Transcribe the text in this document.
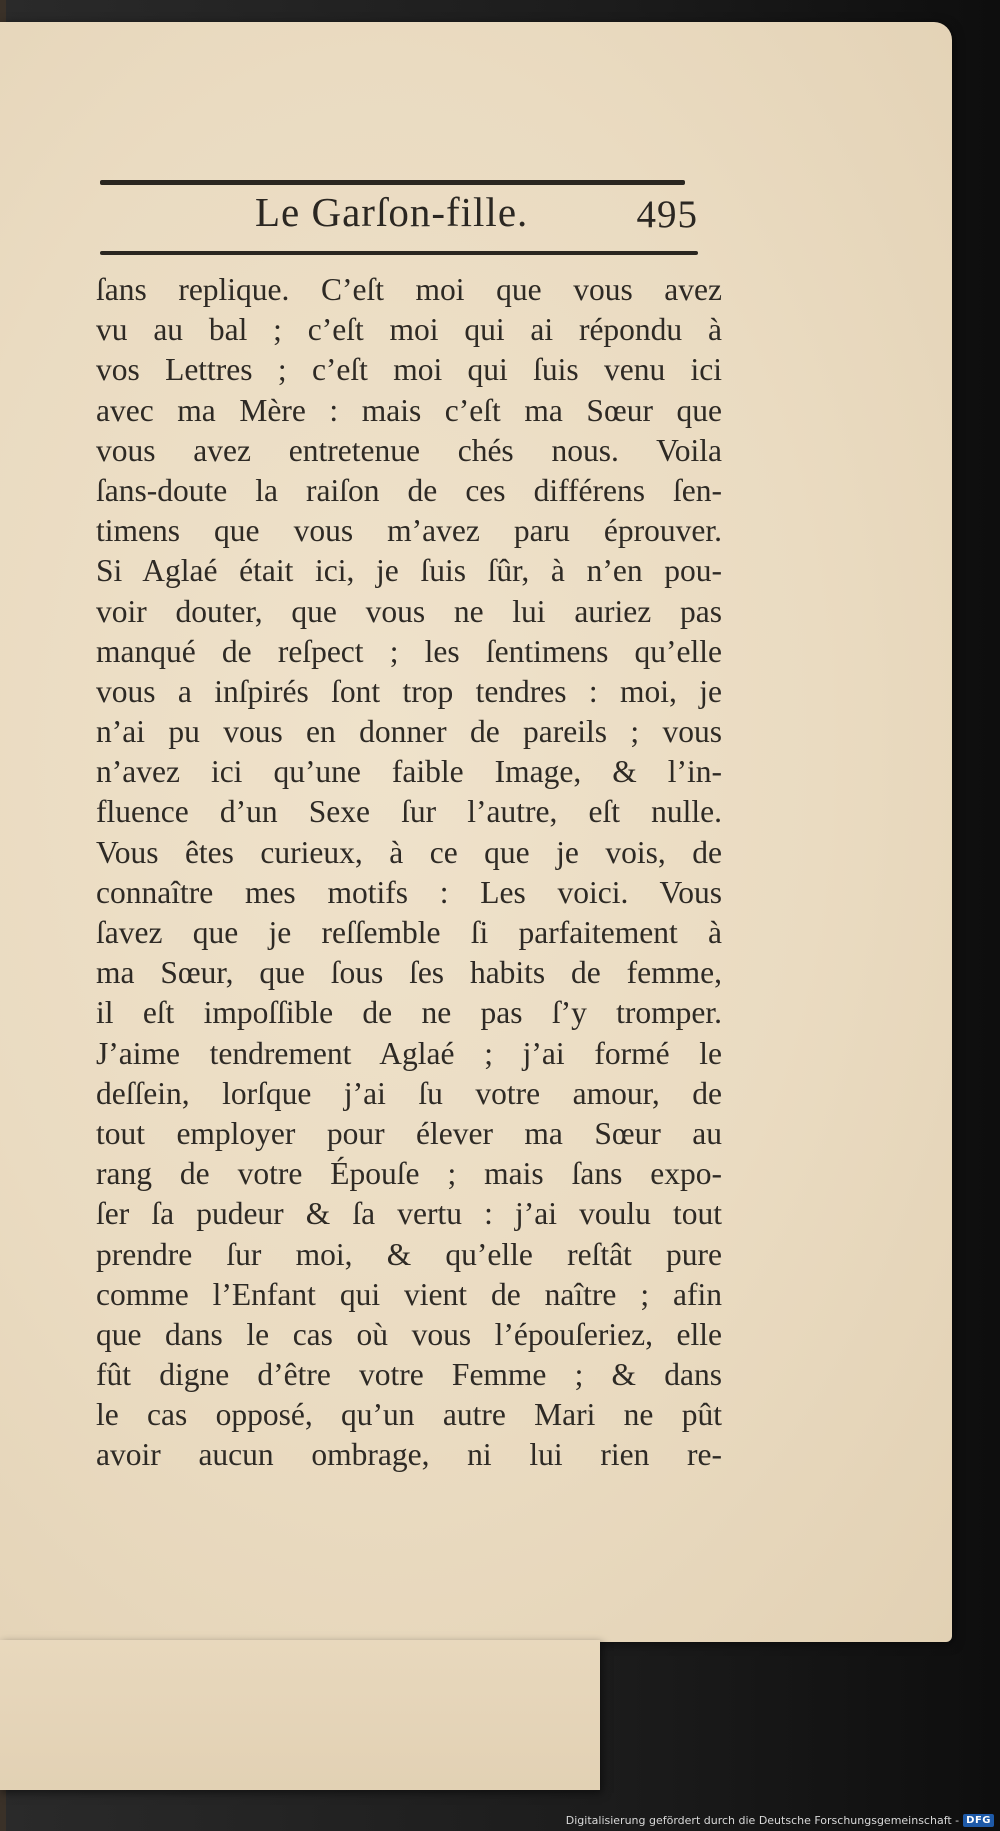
Le Garſon-fille.	495
ſans replique. C’eſt moi que vous avez
vu au bal ; c’eſt moi qui ai répondu à
vos Lettres ; c’eſt moi qui ſuis venu ici
avec ma Mère : mais c’eſt ma Sœur que
vous avez entretenue chés nous. Voila
ſans-doute la raiſon de ces différens ſen-
timens que vous m’avez paru éprouver.
Si Aglaé était ici, je ſuis ſûr, à n’en pou-
voir douter, que vous ne lui auriez pas
manqué de reſpect ; les ſentimens qu’elle
vous a inſpirés ſont trop tendres : moi, je
n’ai pu vous en donner de pareils ; vous
n’avez ici qu’une faible Image, & l’in-
fluence d’un Sexe ſur l’autre, eſt nulle.
Vous êtes curieux, à ce que je vois, de
connaître mes motifs : Les voici. Vous
ſavez que je reſſemble ſi parfaitement à
ma Sœur, que ſous ſes habits de femme,
il eſt impoſſible de ne pas ſ’y tromper.
J’aime tendrement Aglaé ; j’ai formé le
deſſein, lorſque j’ai ſu votre amour, de
tout employer pour élever ma Sœur au
rang de votre Épouſe ; mais ſans expo-
ſer ſa pudeur & ſa vertu : j’ai voulu tout
prendre ſur moi, & qu’elle reſtât pure
comme l’Enfant qui vient de naître ; afin
que dans le cas où vous l’épouſeriez, elle
fût digne d’être votre Femme ; & dans
le cas opposé, qu’un autre Mari ne pût
avoir aucun ombrage, ni lui rien re-
Digitalisierung gefördert durch die Deutsche Forschungsgemeinschaft - DFG
